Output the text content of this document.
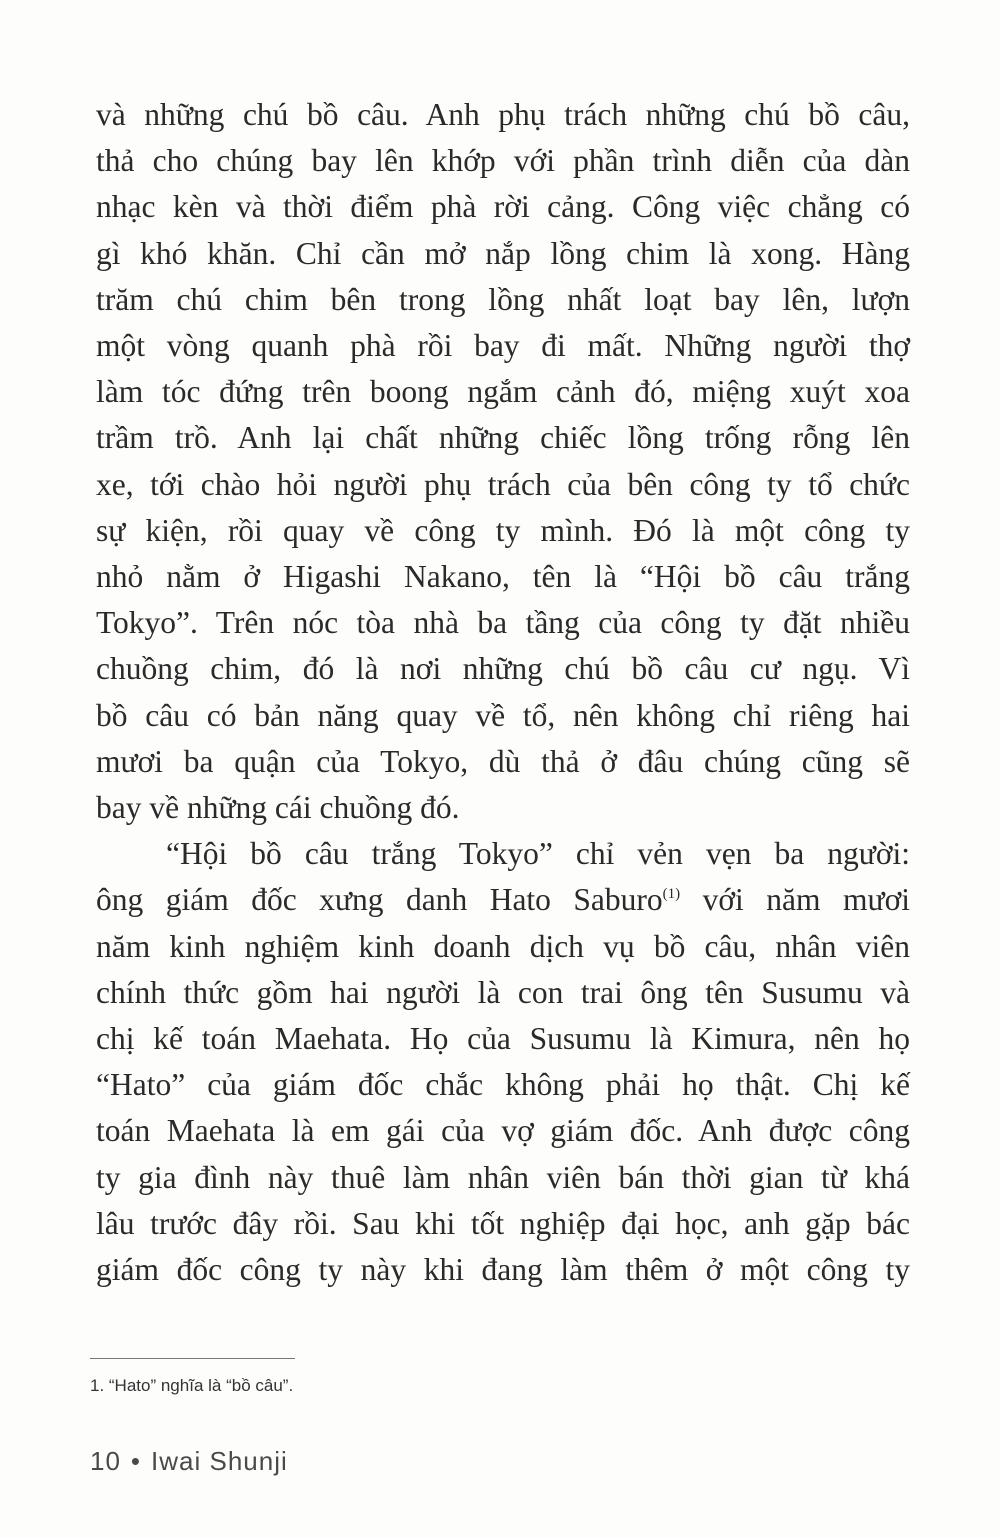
và những chú bồ câu. Anh phụ trách những chú bồ câu,
thả cho chúng bay lên khớp với phần trình diễn của dàn
nhạc kèn và thời điểm phà rời cảng. Công việc chẳng có
gì khó khăn. Chỉ cần mở nắp lồng chim là xong. Hàng
trăm chú chim bên trong lồng nhất loạt bay lên, lượn
một vòng quanh phà rồi bay đi mất. Những người thợ
làm tóc đứng trên boong ngắm cảnh đó, miệng xuýt xoa
trầm trồ. Anh lại chất những chiếc lồng trống rỗng lên
xe, tới chào hỏi người phụ trách của bên công ty tổ chức
sự kiện, rồi quay về công ty mình. Đó là một công ty
nhỏ nằm ở Higashi Nakano, tên là “Hội bồ câu trắng
Tokyo”. Trên nóc tòa nhà ba tầng của công ty đặt nhiều
chuồng chim, đó là nơi những chú bồ câu cư ngụ. Vì
bồ câu có bản năng quay về tổ, nên không chỉ riêng hai
mươi ba quận của Tokyo, dù thả ở đâu chúng cũng sẽ
bay về những cái chuồng đó.
“Hội bồ câu trắng Tokyo” chỉ vẻn vẹn ba người:
ông giám đốc xưng danh Hato Saburo$^{(1)}$ với năm mươi
năm kinh nghiệm kinh doanh dịch vụ bồ câu, nhân viên
chính thức gồm hai người là con trai ông tên Susumu và
chị kế toán Maehata. Họ của Susumu là Kimura, nên họ
“Hato” của giám đốc chắc không phải họ thật. Chị kế
toán Maehata là em gái của vợ giám đốc. Anh được công
ty gia đình này thuê làm nhân viên bán thời gian từ khá
lâu trước đây rồi. Sau khi tốt nghiệp đại học, anh gặp bác
giám đốc công ty này khi đang làm thêm ở một công ty
1. “Hato” nghĩa là “bồ câu”.
10 • Iwai Shunji
